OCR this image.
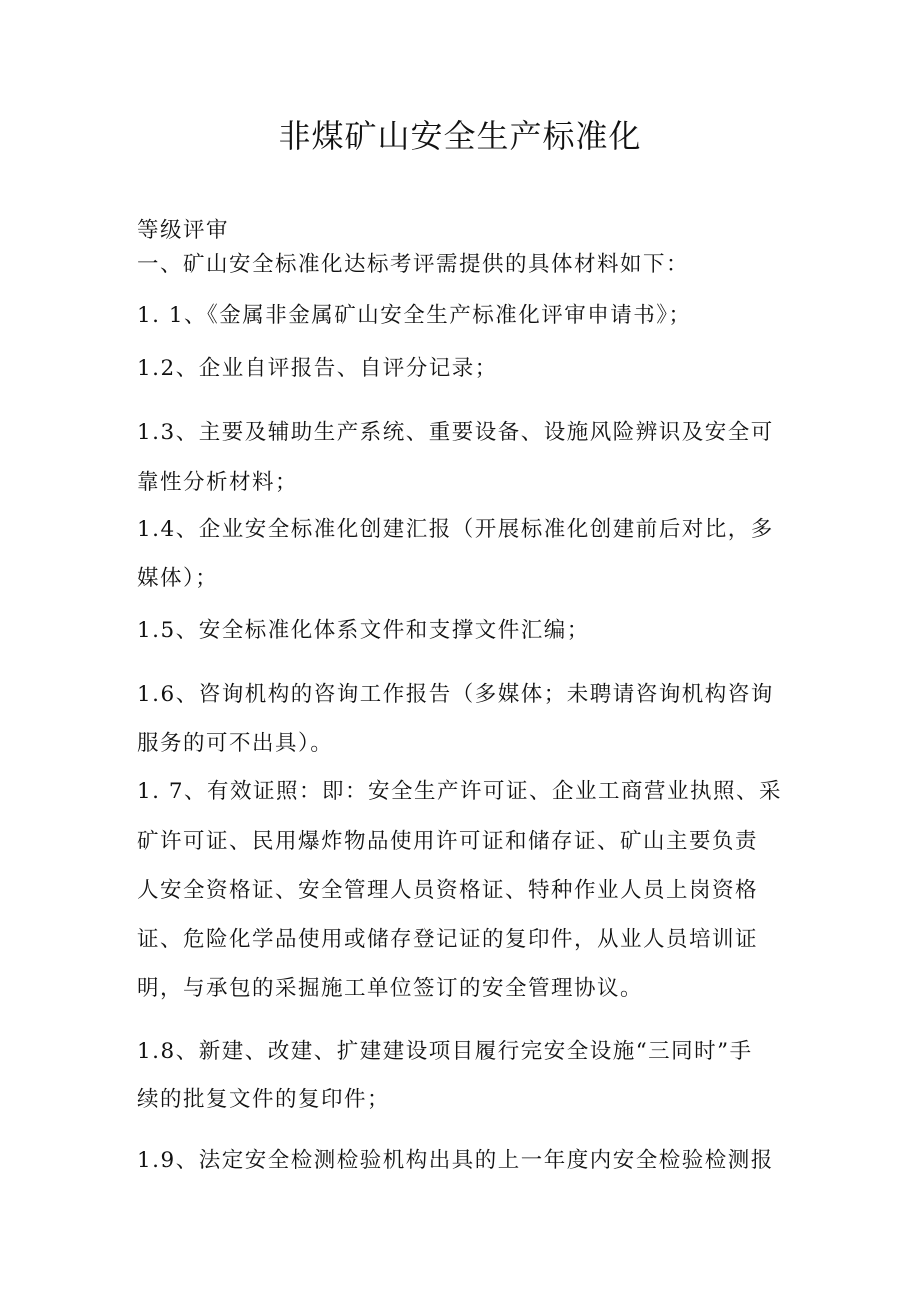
非煤矿山安全生产标准化
等级评审
一、矿山安全标准化达标考评需提供的具体材料如下：
1. 1、《金属非金属矿山安全生产标准化评审申请书》；
1.2、企业自评报告、自评分记录；
1.3、主要及辅助生产系统、重要设备、设施风险辨识及安全可
靠性分析材料；
1.4、企业安全标准化创建汇报（开展标准化创建前后对比，多
媒体）；
1.5、安全标准化体系文件和支撑文件汇编；
1.6、咨询机构的咨询工作报告（多媒体；未聘请咨询机构咨询
服务的可不出具）。
1. 7、有效证照：即：安全生产许可证、企业工商营业执照、采
矿许可证、民用爆炸物品使用许可证和储存证、矿山主要负责
人安全资格证、安全管理人员资格证、特种作业人员上岗资格
证、危险化学品使用或储存登记证的复印件，从业人员培训证
明，与承包的采掘施工单位签订的安全管理协议。
1.8、新建、改建、扩建建设项目履行完安全设施“三同时”手
续的批复文件的复印件；
1.9、法定安全检测检验机构出具的上一年度内安全检验检测报
